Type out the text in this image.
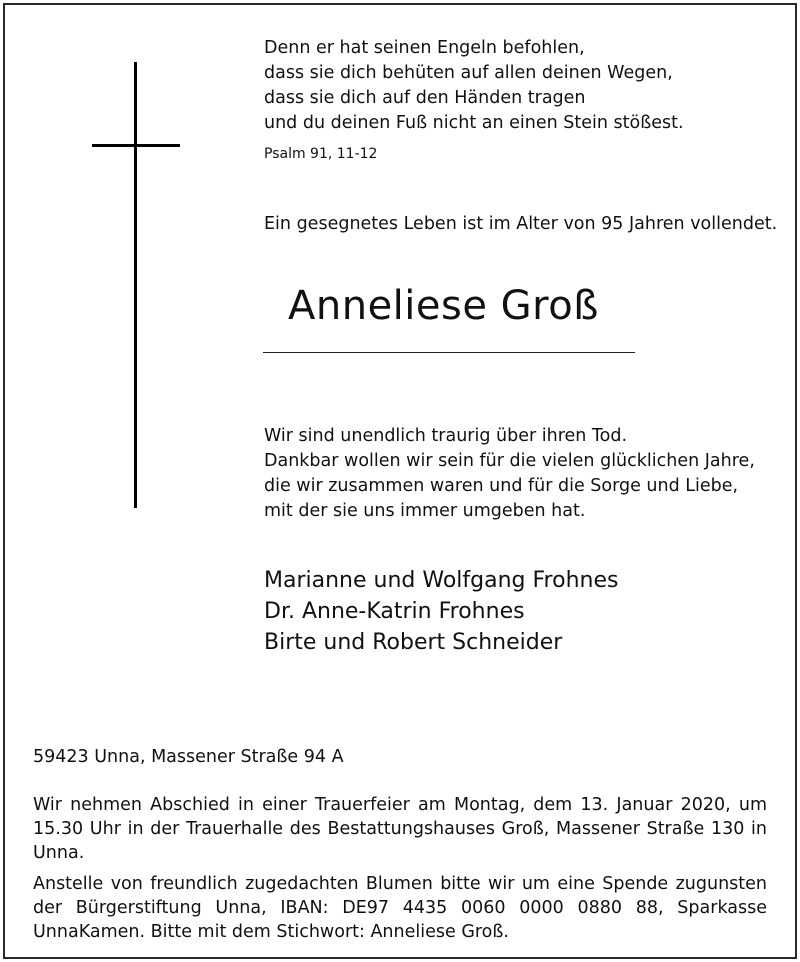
Denn er hat seinen Engeln befohlen,
dass sie dich behüten auf allen deinen Wegen,
dass sie dich auf den Händen tragen
und du deinen Fuß nicht an einen Stein stößest.
Psalm 91, 11-12
Ein gesegnetes Leben ist im Alter von 95 Jahren vollendet.
Anneliese Groß
Wir sind unendlich traurig über ihren Tod.
Dankbar wollen wir sein für die vielen glücklichen Jahre,
die wir zusammen waren und für die Sorge und Liebe,
mit der sie uns immer umgeben hat.
Marianne und Wolfgang Frohnes
Dr. Anne-Katrin Frohnes
Birte und Robert Schneider
59423 Unna, Massener Straße 94 A
Wir nehmen Abschied in einer Trauerfeier am Montag, dem 13. Januar 2020, um 15.30 Uhr in der Trauerhalle des Bestattungshauses Groß, Massener Straße 130 in Unna.
Anstelle von freundlich zugedachten Blumen bitte wir um eine Spende zugunsten der Bürgerstiftung Unna, IBAN: DE97 4435 0060 0000 0880 88, Sparkasse UnnaKamen. Bitte mit dem Stichwort: Anneliese Groß.
